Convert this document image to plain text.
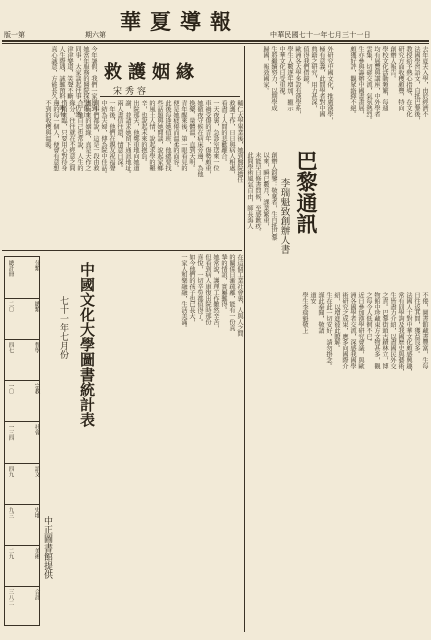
華夏導報
中華民國七十一年七月三十一日
期六第
版一第
去年夏天入學，由於經濟不
法國學習語文，自抵巴黎後，
教授給予熱心指導，在文化
研究方面收穫頗豐，特向
創辦人報告。
學校文化活動頻繁，每週
均有展覽與講座，中外學者
雲集，切磋交流，氣氛熱烈。
生亦參與籌辦中國書畫展，
頗獲好評，觀眾絡繹不絕。
外研究中國文化，推廣漢學，
極有意義，此間學者對中國
典籍之研究，用力甚深，
值得我們借鏡。
歐洲各大學多設有漢學系，
學生人數逐年增加，顯示
中華文化日受重視。
生將繼續努力，以期學成
歸國，報效國家。
救護姻緣
宋秀容
輔仁大學畢業後，她到醫院擔任
救護工作，日日與病人相處，
看盡了人間的悲歡離合。
一天夜裏，急診室送來一位
車禍受傷的青年，傷勢頗重，
她徹夜守候在病床旁邊，為他
換藥、量體溫，直到天明。
青年醒來後，第一眼看見的
便是她疲倦而溫柔的面容。
此後每逢她值班，他總要找
些話題與她閒談，說起家鄉
的風土人情，說起求學的艱
辛，也說起未來的抱負。
出院那天，他鄭重地向她道
謝，並請求她留下通訊地址。
兩人書信往還，情意日深。
一年後，他們在親友祝福聲
中結為夫婦，傳為院中佳話。
同事們都說，這是一段由救
護而來的姻緣，真是天作之
合。她自己也常說，人生的
緣分，往往就在不經意之間
悄悄來臨，只要用心對待身
邊的每一個人，便會有意想
不到的收穫與溫暖。
今年暑假，我們一家回到
她當年服務的醫院探望舊日
同事，大家談起往事，仍然
津津樂道，笑聲不斷。
人生際遇，誠難預料，唯有
真心誠意，方能長久。
巴黎通訊
李瑞魁致創辦人書
創辦人鈞鑒：敬稟者，生自抵巴黎
以來，瞬已數月，課業繁重，
未能早日修書問候，至感歉疚。
此間學術風氣自由，師長誨人
不倦，圖書館藏書豐富，生每
日往返其間，獲益良多。
法國人士對中華文化頗感興趣，
常有同學詢及我國歷史與藝術，
生皆盡力介紹，以盡國民外交
之責。巴黎街頭古蹟林立，博
物館中珍藏東方文物甚多，觀
之每令人低徊不已。
近日參加漢學研究會議，與歐
洲各國學者交流，深感我國學
術研究之成果，應多向國際介
紹，以增進彼此瞭解。
生在此一切安好，請勿掛念。
謹此奉聞，敬請
道安
學生李瑞魁敬上
在這個工業社會裏，人與人之間
的關係日漸疏離，能有一份真
摯的情誼，實屬難得。
她常說，護理工作雖然辛苦，
但看到病人康復出院時那份
喜悅，一切辛勞都值得了。
如今他們的孩子也已長大，
一家人和樂融融，生活美滿。
中國文化大學圖書統計表
七十一年七月份
中正圖書館提供
分類
總計冊
總類
二〇
哲學
四七
宗教
一〇
社會
一三四
語文
四九
史地
九三
美術
二九
合計
三八二
